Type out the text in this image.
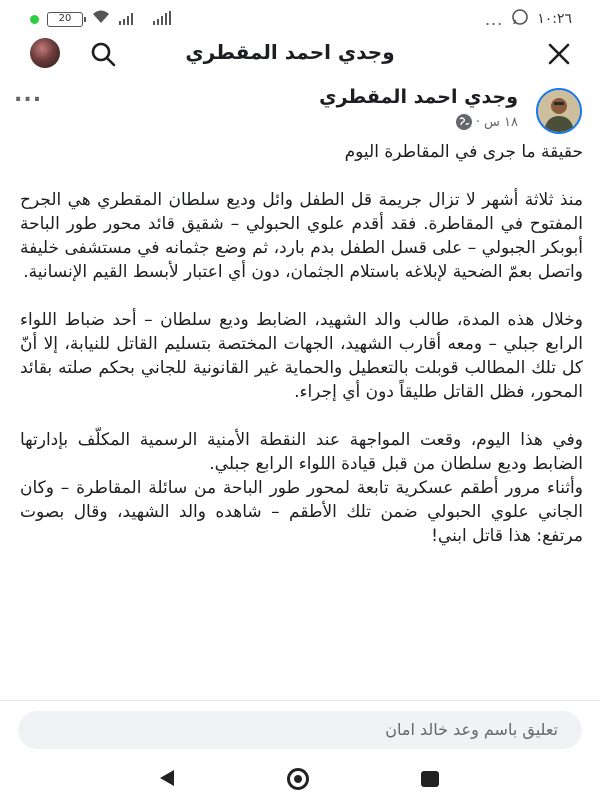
20	... ١٠:٢٦
وجدي احمد المقطري
...	وجدي احمد المقطري
١٨ س
·
حقيقة ما جرى في المقاطرة اليوم
منذ ثلاثة أشهر لا تزال جريمة قل الطفل وائل وديع سلطان المقطري هي الجرح المفتوح في المقاطرة. فقد أقدم علوي الحبولي – شقيق قائد محور طور الباحة أبوبكر الجبولي – على قسل الطفل بدم بارد، ثم وضع جثمانه في مستشفى خليفة واتصل بعمّ الضحية لإبلاغه باستلام الجثمان، دون أي اعتبار لأبسط القيم الإنسانية.
وخلال هذه المدة، طالب والد الشهيد، الضابط وديع سلطان – أحد ضباط اللواء الرابع جبلي – ومعه أقارب الشهيد، الجهات المختصة بتسليم القاتل للنيابة، إلا أنّ كل تلك المطالب قوبلت بالتعطيل والحماية غير القانونية للجاني بحكم صلته بقائد المحور، فظل القاتل طليقاً دون أي إجراء.
وفي هذا اليوم، وقعت المواجهة عند النقطة الأمنية الرسمية المكلّف بإدارتها الضابط وديع سلطان من قبل قيادة اللواء الرابع جبلي.
وأثناء مرور أطقم عسكرية تابعة لمحور طور الباحة من سائلة المقاطرة – وكان الجاني علوي الحبولي ضمن تلك الأطقم – شاهده والد الشهيد، وقال بصوت مرتفع: هذا قاتل ابني!
تعليق باسم وعد خالد امان
